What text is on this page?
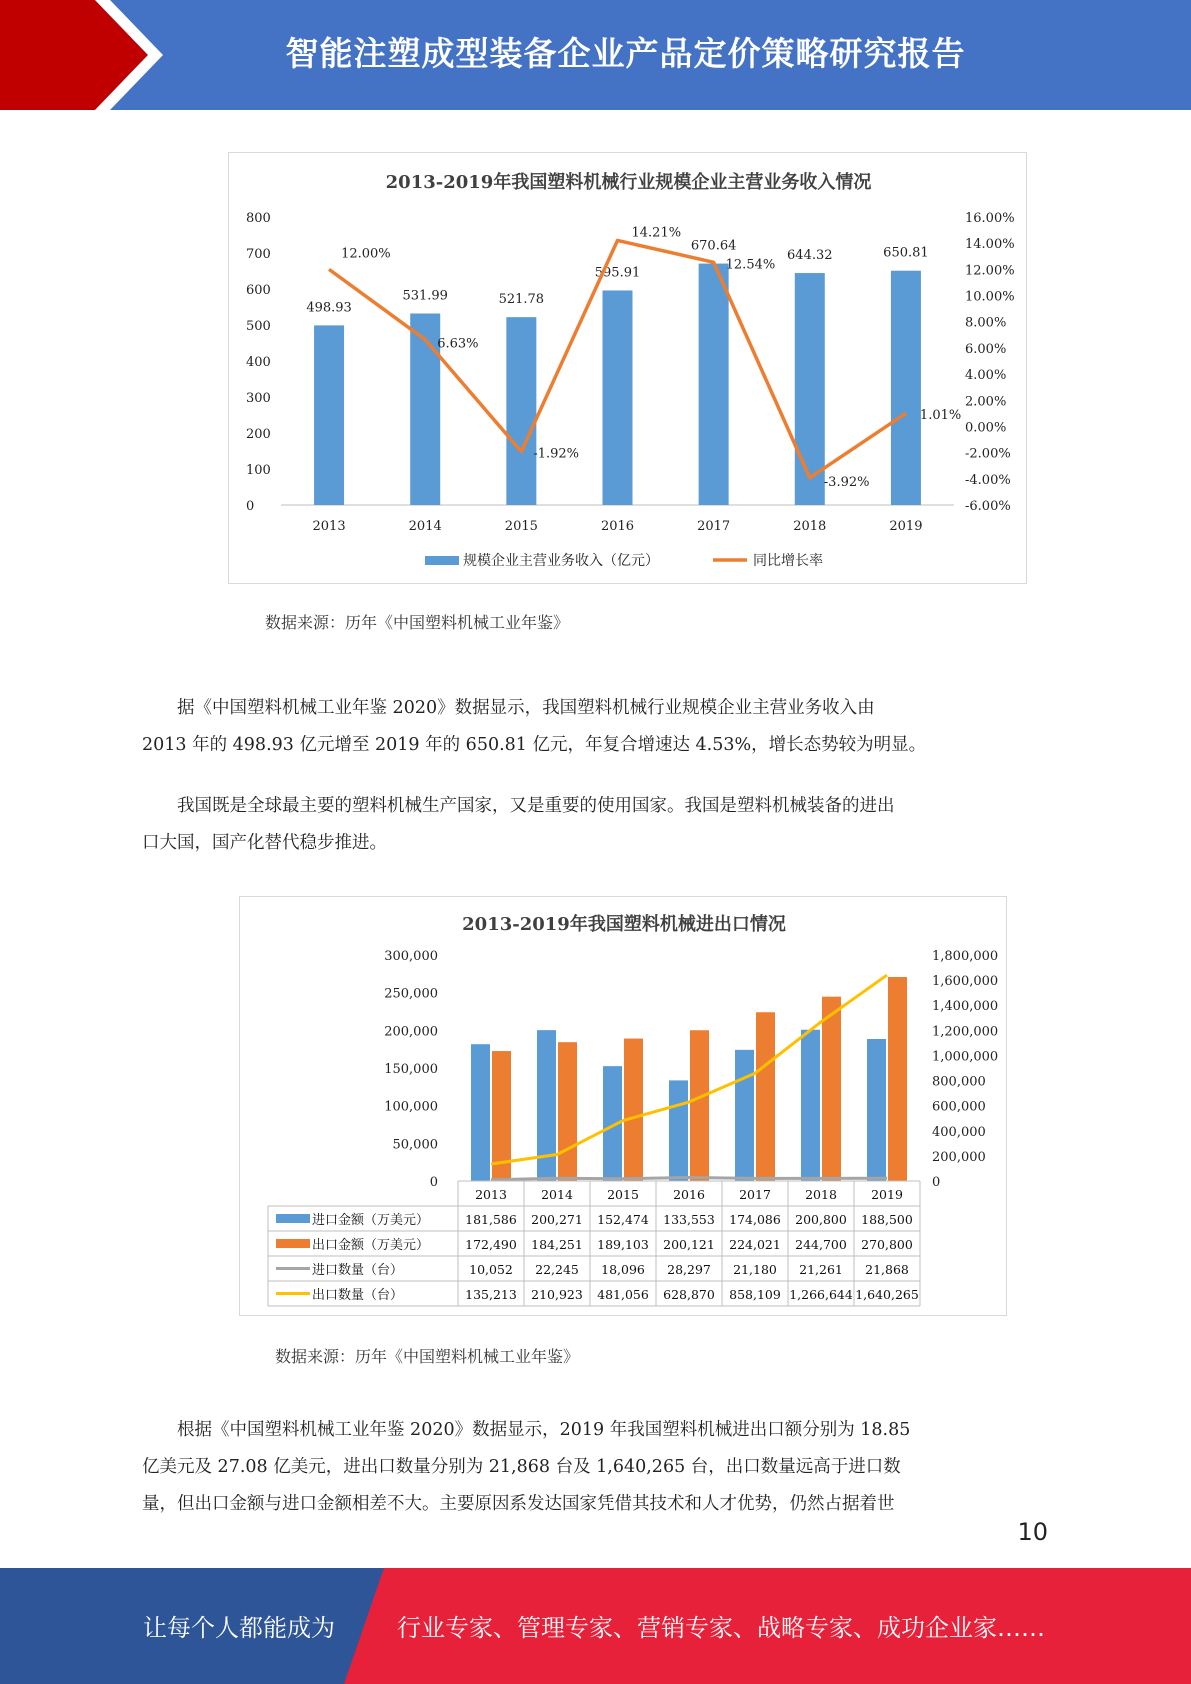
智能注塑成型装备企业产品定价策略研究报告
2013-2019年我国塑料机械行业规模企业主营业务收入情况
800
700
600
500
400
300
200
100
0
16.00%
14.00%
12.00%
10.00%
8.00%
6.00%
4.00%
2.00%
0.00%
-2.00%
-4.00%
-6.00%
498.93
2013
531.99
2014
521.78
2015
595.91
2016
670.64
2017
644.32
2018
650.81
2019
12.00%
6.63%
-1.92%
14.21%
12.54%
-3.92%
1.01%
规模企业主营业务收入（亿元）	同比增长率
数据来源：历年《中国塑料机械工业年鉴》
　　据《中国塑料机械工业年鉴 2020》数据显示，我国塑料机械行业规模企业主营业务收入由
2013 年的 498.93 亿元增至 2019 年的 650.81 亿元，年复合增速达 4.53%，增长态势较为明显。
　　我国既是全球最主要的塑料机械生产国家，又是重要的使用国家。我国是塑料机械装备的进出
口大国，国产化替代稳步推进。
2013-2019年我国塑料机械进出口情况
300,000
250,000
200,000
150,000
100,000
50,000
0
1,800,000
1,600,000
1,400,000
1,200,000
1,000,000
800,000
600,000
400,000
200,000
0
2013	2014	2015	2016	2017	2018	2019
进口金额（万美元）	181,586 200,271 152,474 133,553 174,086 200,800 188,500
出口金额（万美元）	172,490 184,251 189,103 200,121 224,021 244,700 270,800
进口数量（台）	10,052 22,245 18,096 28,297 21,180 21,261 21,868
出口数量（台）	135,213 210,923 481,056 628,870 858,109 1,266,644 1,640,265
数据来源：历年《中国塑料机械工业年鉴》
　　根据《中国塑料机械工业年鉴 2020》数据显示，2019 年我国塑料机械进出口额分别为 18.85
亿美元及 27.08 亿美元，进出口数量分别为 21,868 台及 1,640,265 台，出口数量远高于进口数
量，但出口金额与进口金额相差不大。主要原因系发达国家凭借其技术和人才优势，仍然占据着世
10
让每个人都能成为	行业专家、管理专家、营销专家、战略专家、成功企业家……
